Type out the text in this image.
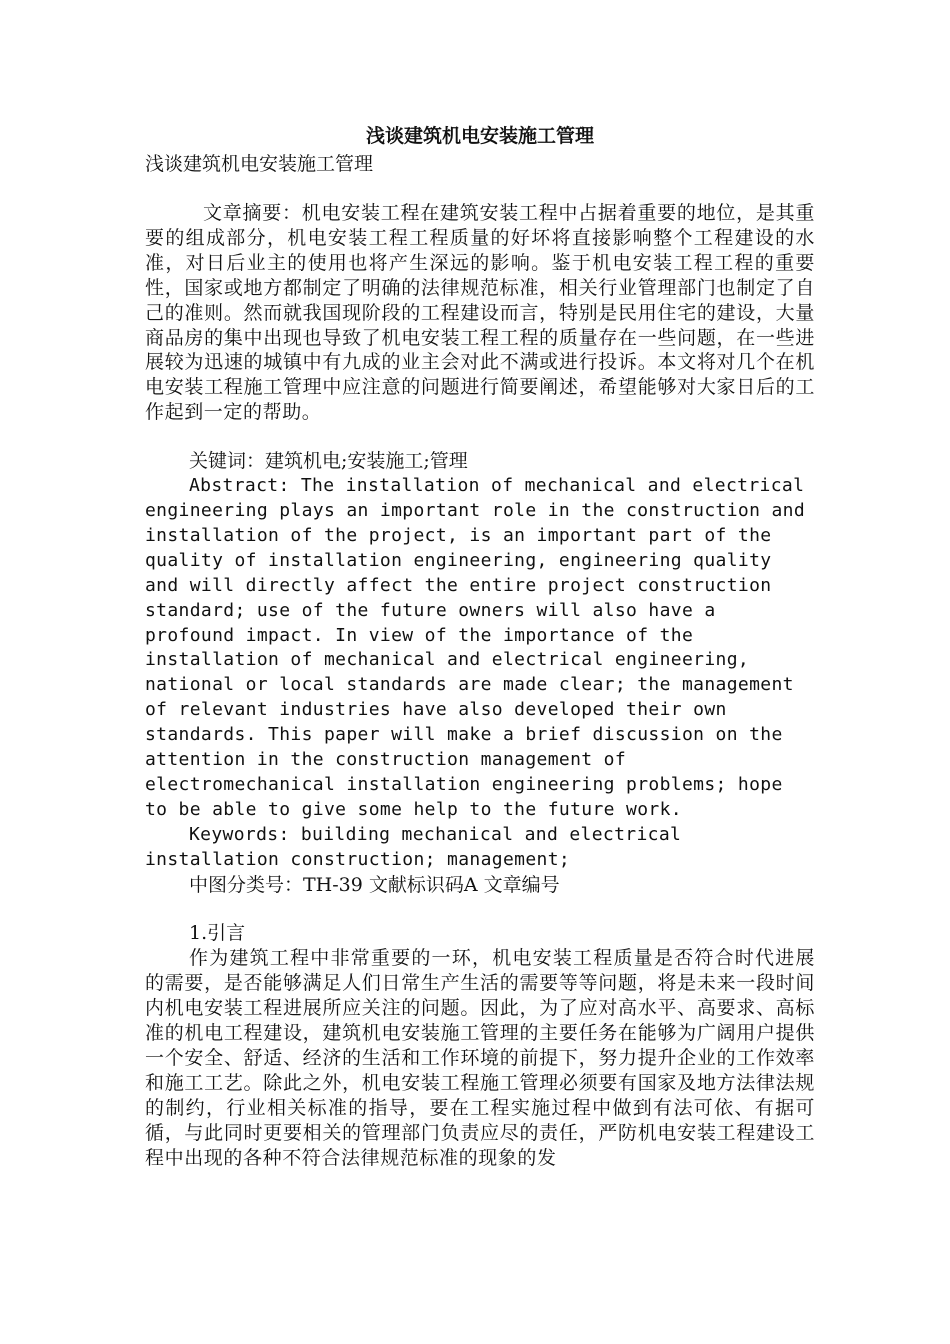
浅谈建筑机电安装施工管理
浅谈建筑机电安装施工管理

文章摘要：机电安装工程在建筑安装工程中占据着重要的地位，是其重要的组成部分，机电安装工程工程质量的好坏将直接影响整个工程建设的水准，对日后业主的使用也将产生深远的影响。鉴于机电安装工程工程的重要性，国家或地方都制定了明确的法律规范标准，相关行业管理部门也制定了自己的准则。然而就我国现阶段的工程建设而言，特别是民用住宅的建设，大量商品房的集中出现也导致了机电安装工程工程的质量存在一些问题，在一些进展较为迅速的城镇中有九成的业主会对此不满或进行投诉。本文将对几个在机电安装工程施工管理中应注意的问题进行简要阐述，希望能够对大家日后的工作起到一定的帮助。

关键词：建筑机电;安装施工;管理

Abstract: The installation of mechanical and electrical engineering plays an important role in the construction and installation of the project, is an important part of the quality of installation engineering, engineering quality and will directly affect the entire project construction standard; use of the future owners will also have a profound impact. In view of the importance of the installation of mechanical and electrical engineering, national or local standards are made clear; the management of relevant industries have also developed their own standards. This paper will make a brief discussion on the attention in the construction management of electromechanical installation engineering problems; hope to be able to give some help to the future work.

Keywords: building mechanical and electrical installation construction; management;

中图分类号：TH-39 文献标识码A 文章编号

1.引言

作为建筑工程中非常重要的一环，机电安装工程质量是否符合时代进展的需要，是否能够满足人们日常生产生活的需要等等问题，将是未来一段时间内机电安装工程进展所应关注的问题。因此，为了应对高水平、高要求、高标准的机电工程建设，建筑机电安装施工管理的主要任务在能够为广阔用户提供一个安全、舒适、经济的生活和工作环境的前提下，努力提升企业的工作效率和施工工艺。除此之外，机电安装工程施工管理必须要有国家及地方法律法规的制约，行业相关标准的指导，要在工程实施过程中做到有法可依、有据可循，与此同时更要相关的管理部门负责应尽的责任，严防机电安装工程建设工程中出现的各种不符合法律规范标准的现象的发
